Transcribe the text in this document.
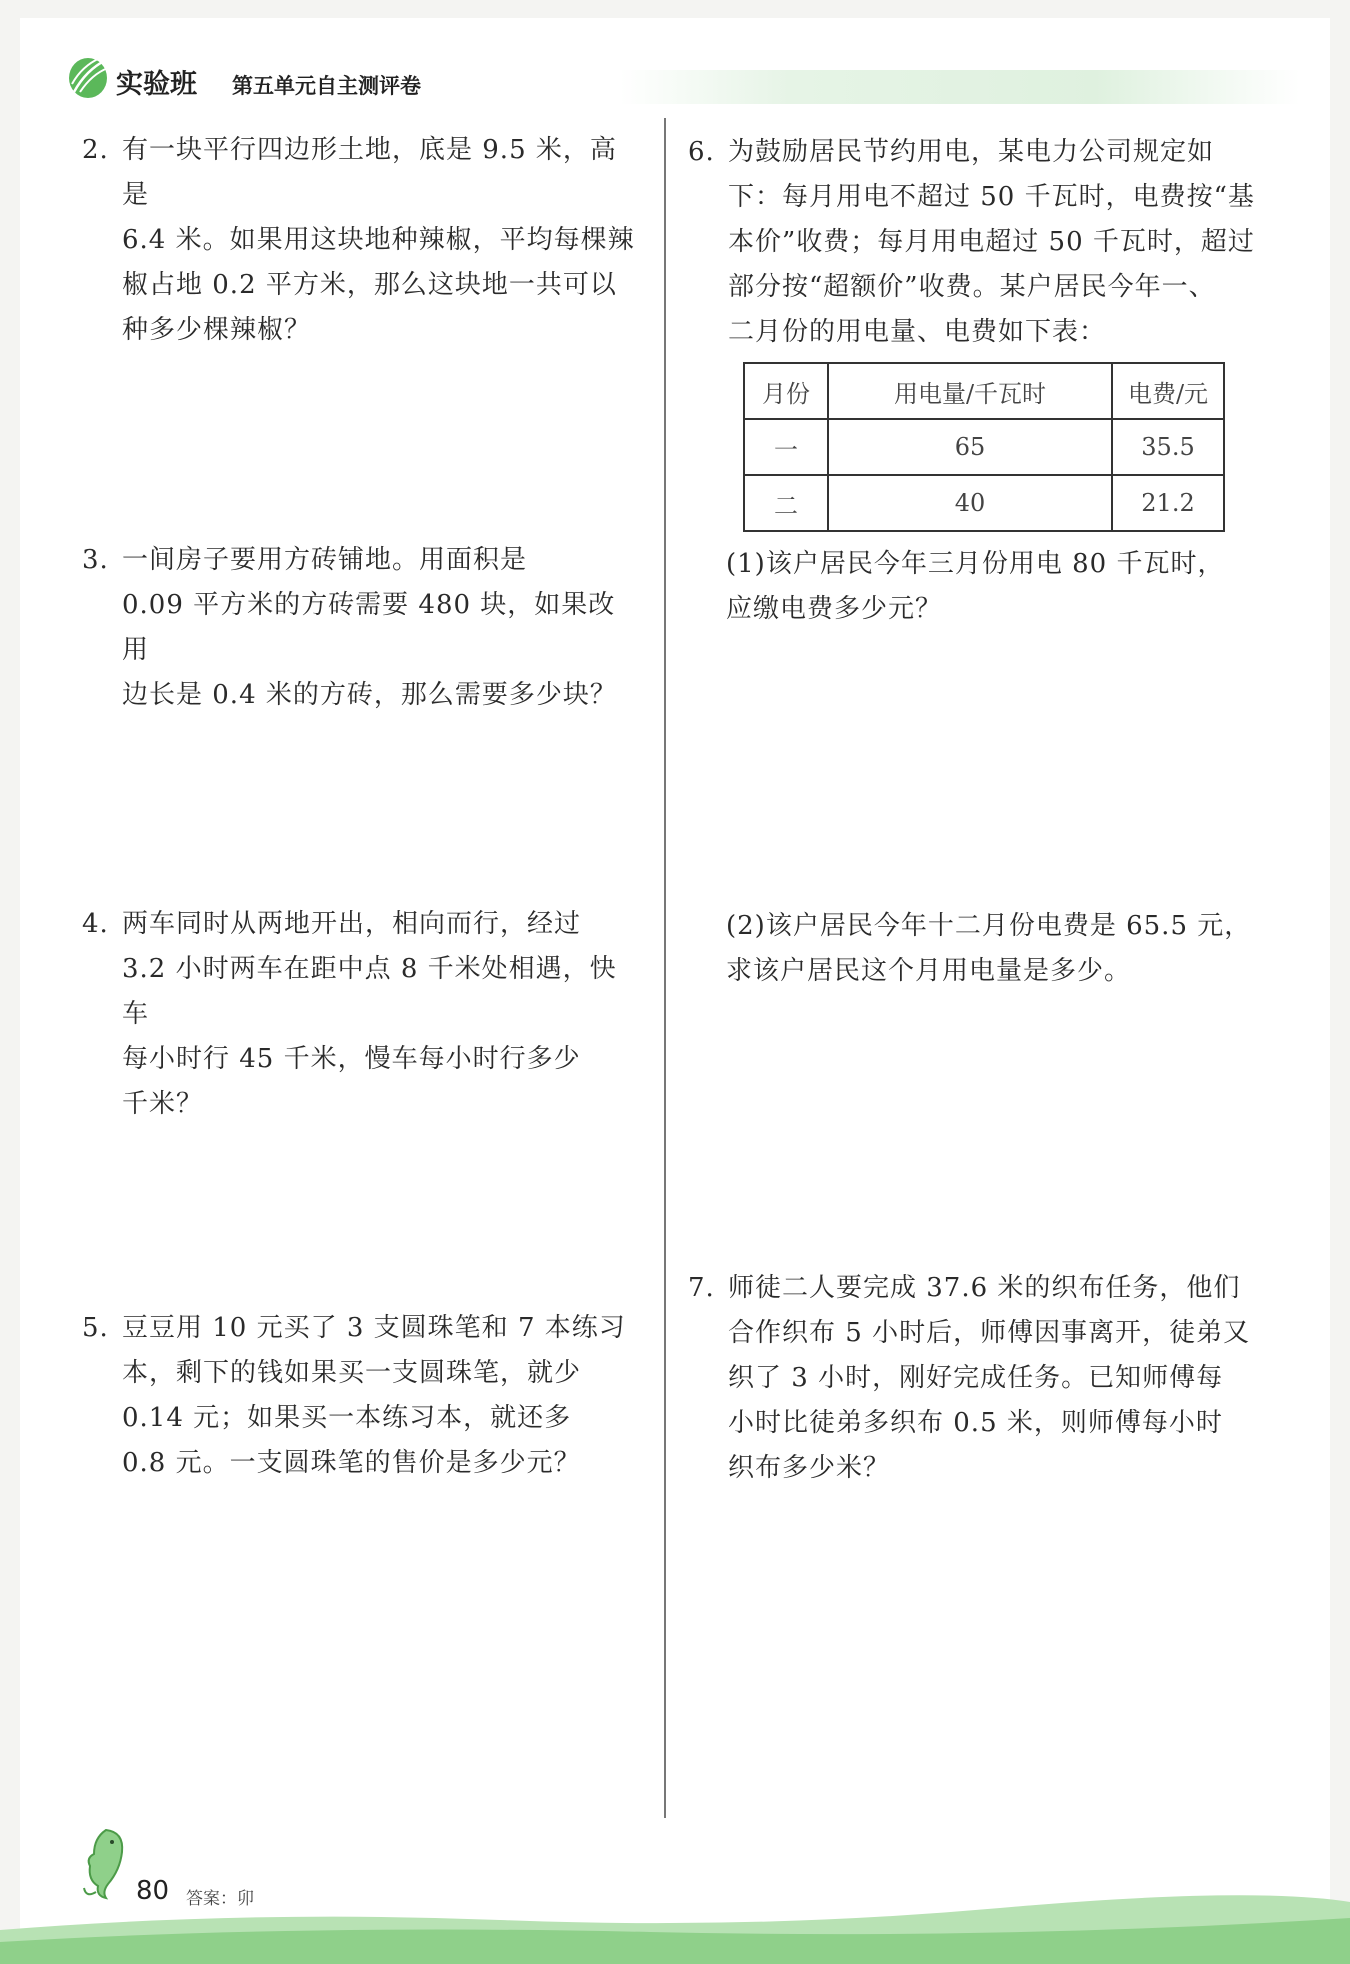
实验班 第五单元自主测评卷
2. 有一块平行四边形土地，底是 9.5 米，高是
6.4 米。如果用这块地种辣椒，平均每棵辣
椒占地 0.2 平方米，那么这块地一共可以
种多少棵辣椒？
3. 一间房子要用方砖铺地。用面积是
0.09 平方米的方砖需要 480 块，如果改用
边长是 0.4 米的方砖，那么需要多少块？
4. 两车同时从两地开出，相向而行，经过
3.2 小时两车在距中点 8 千米处相遇，快车
每小时行 45 千米，慢车每小时行多少
千米？
5. 豆豆用 10 元买了 3 支圆珠笔和 7 本练习
本，剩下的钱如果买一支圆珠笔，就少
0.14 元；如果买一本练习本，就还多
0.8 元。一支圆珠笔的售价是多少元？
6. 为鼓励居民节约用电，某电力公司规定如
下：每月用电不超过 50 千瓦时，电费按“基
本价”收费；每月用电超过 50 千瓦时，超过
部分按“超额价”收费。某户居民今年一、
二月份的用电量、电费如下表：
月份	用电量/千瓦时	电费/元
一	65	35.5
二	40	21.2
(1)该户居民今年三月份用电 80 千瓦时，
应缴电费多少元？
(2)该户居民今年十二月份电费是 65.5 元，
求该户居民这个月用电量是多少。
7. 师徒二人要完成 37.6 米的织布任务，他们
合作织布 5 小时后，师傅因事离开，徒弟又
织了 3 小时，刚好完成任务。已知师傅每
小时比徒弟多织布 0.5 米，则师傅每小时
织布多少米？
80 答案：卯
